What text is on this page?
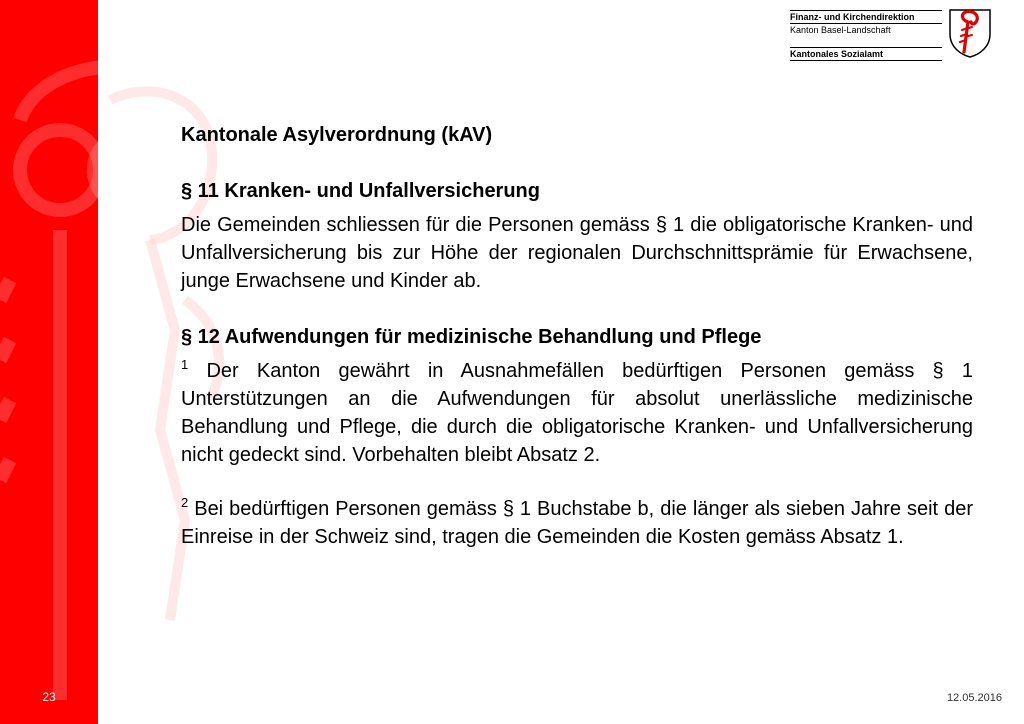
Finanz- und Kirchendirektion
Kanton Basel-Landschaft
Kantonales Sozialamt
Kantonale Asylverordnung (kAV)
§ 11 Kranken- und Unfallversicherung

Die Gemeinden schliessen für die Personen gemäss § 1 die obligatorische Kranken- und Unfallversicherung bis zur Höhe der regionalen Durchschnittsprämie für Erwachsene, junge Erwachsene und Kinder ab.

§ 12 Aufwendungen für medizinische Behandlung und Pflege

$^1$ Der Kanton gewährt in Ausnahmefällen bedürftigen Personen gemäss § 1 Unterstützungen an die Aufwendungen für absolut unerlässliche medizinische Behandlung und Pflege, die durch die obligatorische Kranken- und Unfallversicherung nicht gedeckt sind. Vorbehalten bleibt Absatz 2.

$^2$ Bei bedürftigen Personen gemäss § 1 Buchstabe b, die länger als sieben Jahre seit der Einreise in der Schweiz sind, tragen die Gemeinden die Kosten gemäss Absatz 1.

23	12.05.2016
